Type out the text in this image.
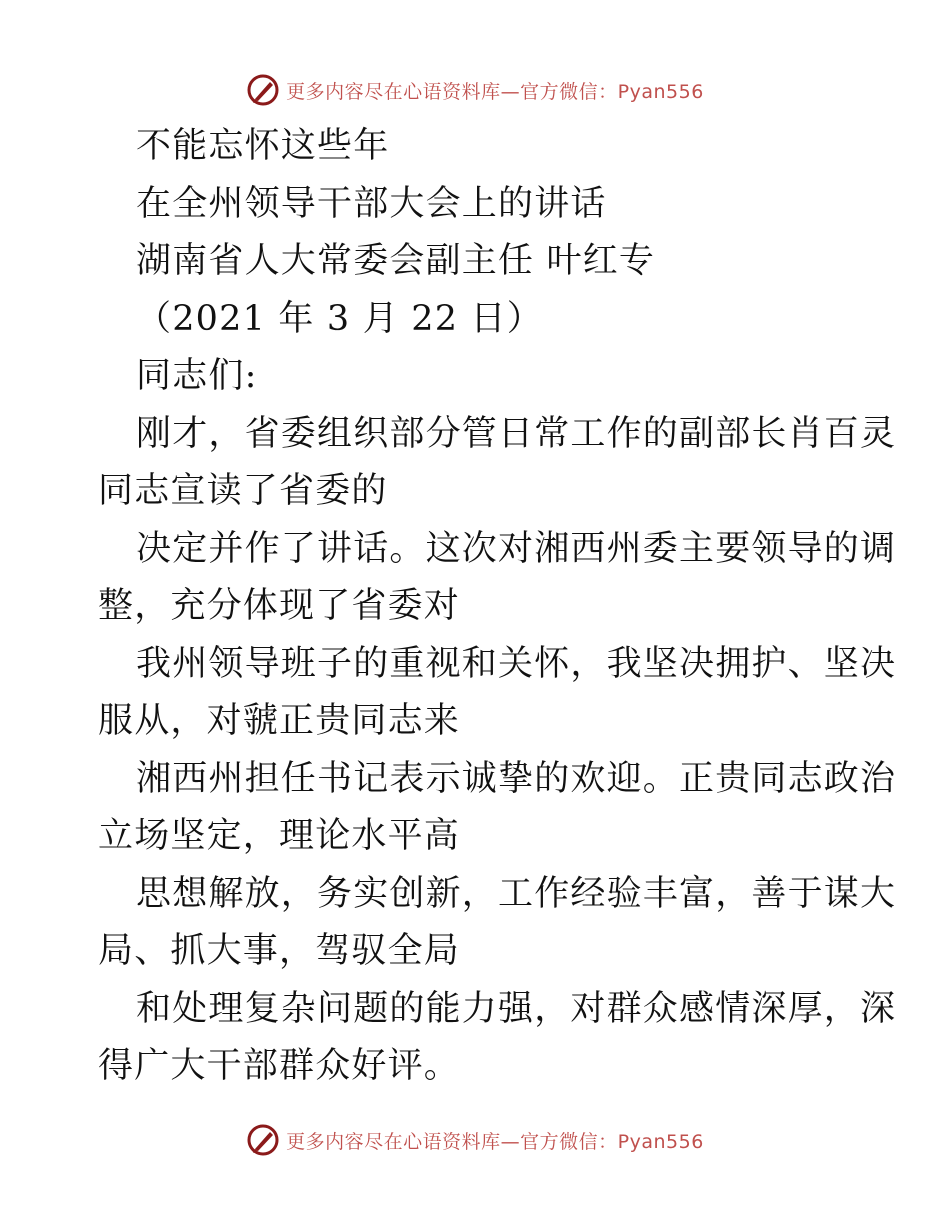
更多内容尽在心语资料库—官方微信：Pyan556
不能忘怀这些年
在全州领导干部大会上的讲话
湖南省人大常委会副主任 叶红专
（2021 年 3 月 22 日）
同志们:
刚才，省委组织部分管日常工作的副部长肖百灵
同志宣读了省委的
决定并作了讲话。这次对湘西州委主要领导的调
整，充分体现了省委对
我州领导班子的重视和关怀，我坚决拥护、坚决
服从，对虢正贵同志来
湘西州担任书记表示诚挚的欢迎。正贵同志政治
立场坚定，理论水平高
思想解放，务实创新，工作经验丰富，善于谋大
局、抓大事，驾驭全局
和处理复杂问题的能力强，对群众感情深厚，深
得广大干部群众好评。
更多内容尽在心语资料库—官方微信：Pyan556
